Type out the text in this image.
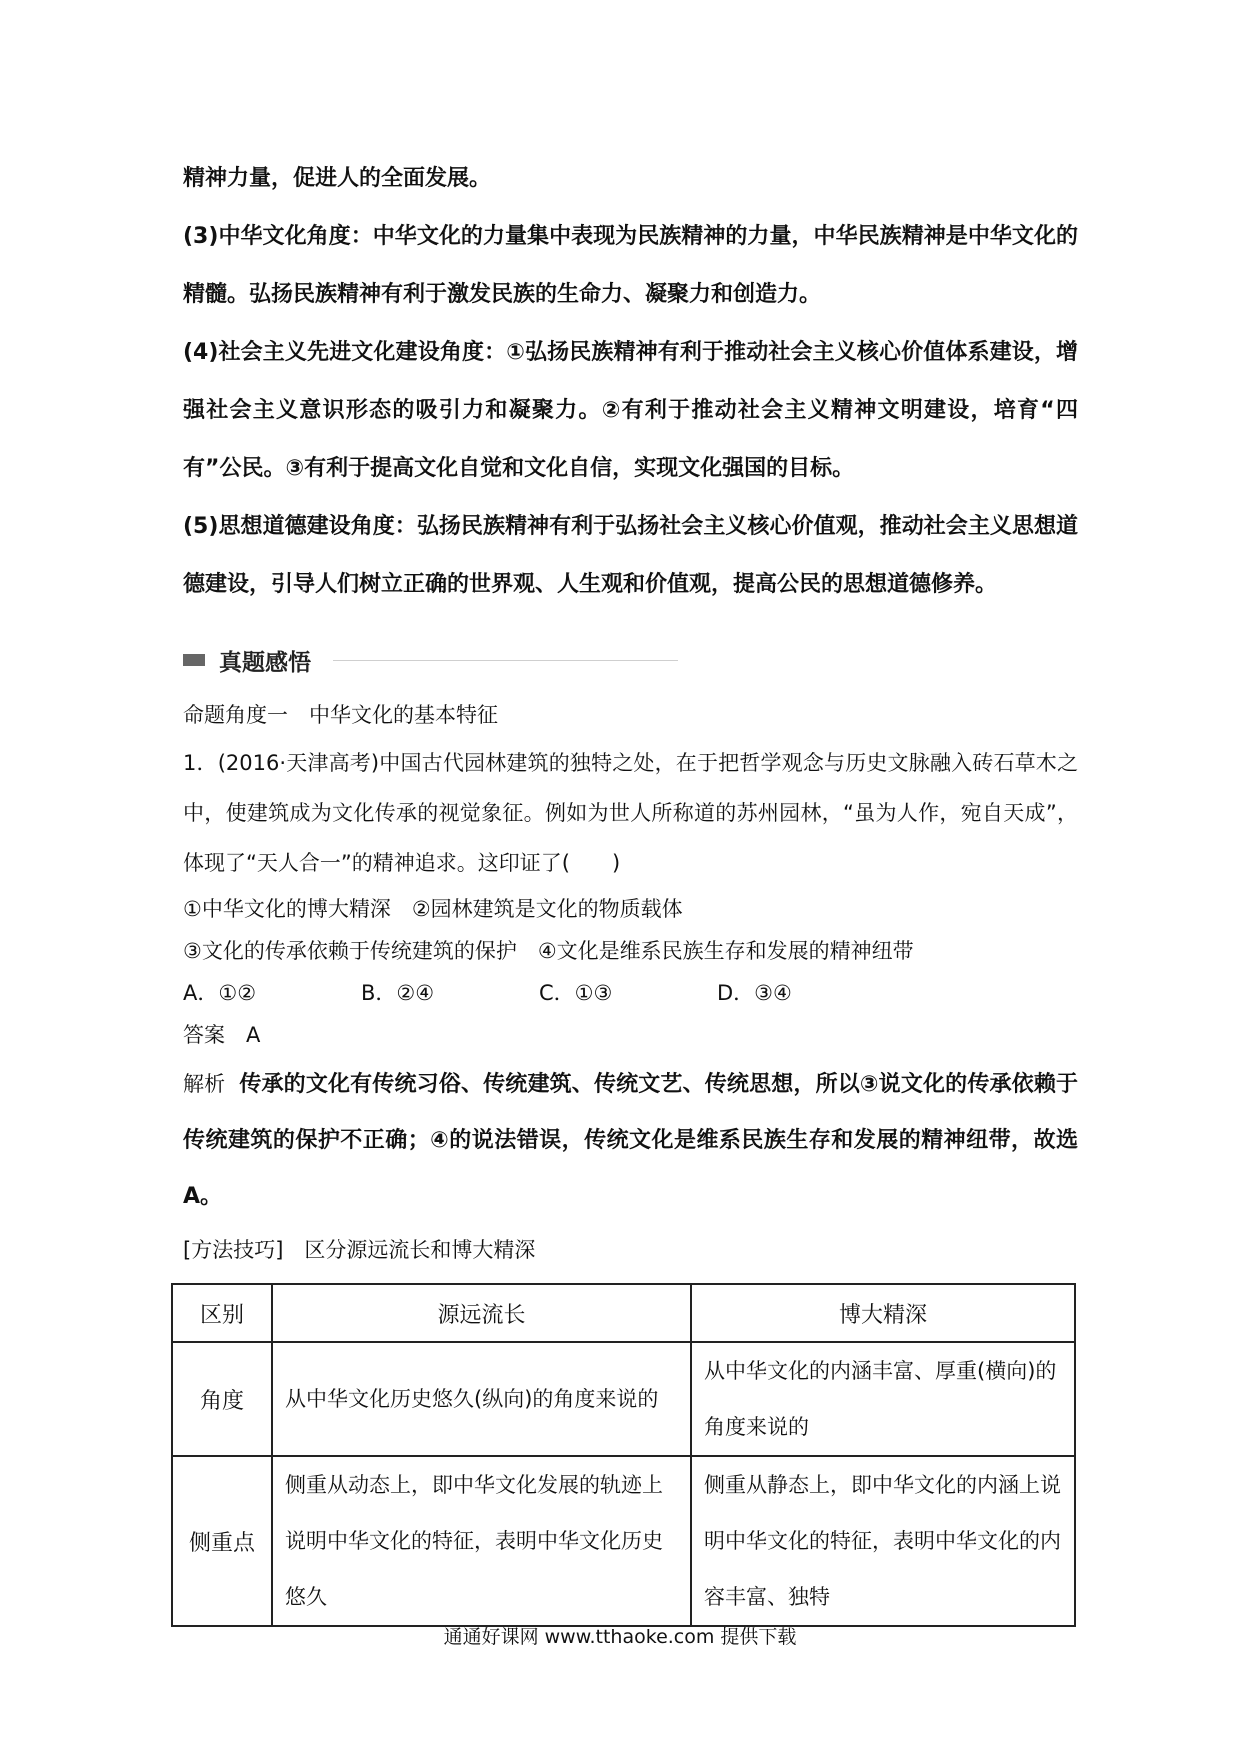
精神力量，促进人的全面发展。

(3)中华文化角度：中华文化的力量集中表现为民族精神的力量，中华民族精神是中华文化的精髓。弘扬民族精神有利于激发民族的生命力、凝聚力和创造力。

(4)社会主义先进文化建设角度：①弘扬民族精神有利于推动社会主义核心价值体系建设，增强社会主义意识形态的吸引力和凝聚力。②有利于推动社会主义精神文明建设，培育“四有”公民。③有利于提高文化自觉和文化自信，实现文化强国的目标。

(5)思想道德建设角度：弘扬民族精神有利于弘扬社会主义核心价值观，推动社会主义思想道德建设，引导人们树立正确的世界观、人生观和价值观，提高公民的思想道德修养。

真题感悟
命题角度一　中华文化的基本特征

1．(2016·天津高考)中国古代园林建筑的独特之处，在于把哲学观念与历史文脉融入砖石草木之中，使建筑成为文化传承的视觉象征。例如为世人所称道的苏州园林，“虽为人作，宛自天成”，体现了“天人合一”的精神追求。这印证了(　　)

①中华文化的博大精深　②园林建筑是文化的物质载体
③文化的传承依赖于传统建筑的保护　④文化是维系民族生存和发展的精神纽带
A．①②	B．②④	C．①③	D．③④
答案　A

解析 传承的文化有传统习俗、传统建筑、传统文艺、传统思想，所以③说文化的传承依赖于传统建筑的保护不正确；④的说法错误，传统文化是维系民族生存和发展的精神纽带，故选A。

[方法技巧]　区分源远流长和博大精深
区别	源远流长	博大精深
角度	从中华文化历史悠久(纵向)的角度来说的	从中华文化的内涵丰富、厚重(横向)的角度来说的
侧重点	侧重从动态上，即中华文化发展的轨迹上说明中华文化的特征，表明中华文化历史悠久	侧重从静态上，即中华文化的内涵上说明中华文化的特征，表明中华文化的内容丰富、独特
通通好课网 www.tthaoke.com 提供下载
